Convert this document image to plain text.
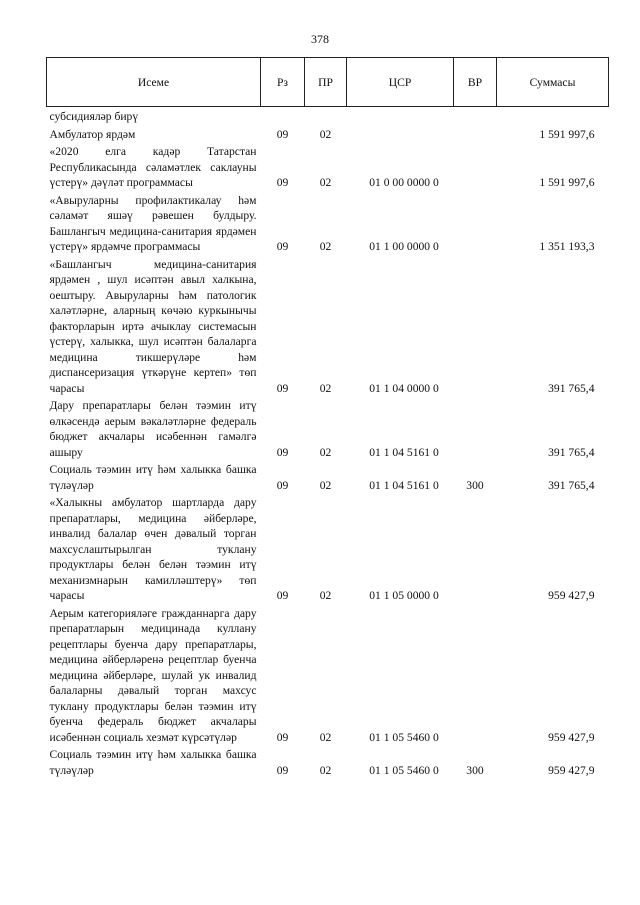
378
Исеме	Рз	ПР	ЦСР	ВР	Суммасы
субсидияләр бирү					
Амбулатор ярдәм	09	02			1 591 997,6
«2020 елга кадәр Татарстан Республикасында сәламәтлек саклауны үстерү» дәүләт программасы	09	02	01 0 00 0000 0		1 591 997,6
«Авыруларны профилактикалау һәм сәламәт яшәү рәвешен булдыру. Башлангыч медицина-санитария ярдәмен үстерү» ярдәмче программасы	09	02	01 1 00 0000 0		1 351 193,3
«Башлангыч медицина-санитария ярдәмен , шул исәптән авыл халкына, оештыру. Авыруларны һәм патологик халәтләрне, аларның көчәю куркынычы факторларын иртә ачыклау системасын үстерү, халыкка, шул исәптән балаларга медицина тикшерүләре һәм диспансеризация үткәрүне кертеп» төп чарасы	09	02	01 1 04 0000 0		391 765,4
Дару препаратлары белән тәэмин итү өлкәсендә аерым вәкаләтләрне федераль бюджет акчалары исәбеннән гамәлгә ашыру	09	02	01 1 04 5161 0		391 765,4
Социаль тәэмин итү һәм халыкка башка түләүләр	09	02	01 1 04 5161 0	300	391 765,4
«Халыкны амбулатор шартларда дару препаратлары, медицина әйберләре, инвалид балалар өчен дәвалый торган махсуслаштырылган туклану продуктлары белән белән тәэмин итү механизмнарын камилләштерү» төп чарасы	09	02	01 1 05 0000 0		959 427,9
Аерым категорияләге гражданнарга дару препаратларын медицинада куллану рецептлары буенча дару препаратлары, медицина әйберләренә рецептлар буенча медицина әйберләре, шулай ук инвалид балаларны дәвалый торган махсус туклану продуктлары белән тәэмин итү буенча федераль бюджет акчалары исәбеннән социаль хезмәт күрсәтүләр	09	02	01 1 05 5460 0		959 427,9
Социаль тәэмин итү һәм халыкка башка түләүләр	09	02	01 1 05 5460 0	300	959 427,9
